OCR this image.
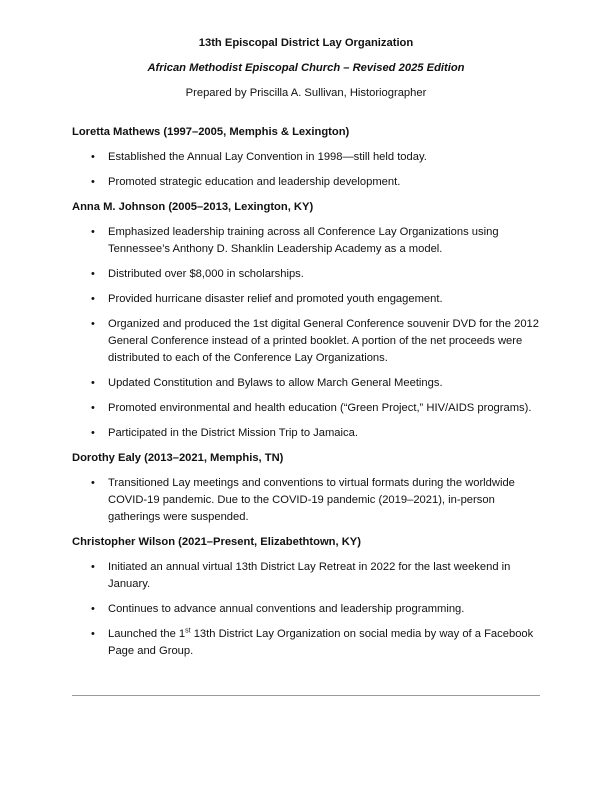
13th Episcopal District Lay Organization
African Methodist Episcopal Church – Revised 2025 Edition
Prepared by Priscilla A. Sullivan, Historiographer
Loretta Mathews (1997–2005, Memphis & Lexington)
• Established the Annual Lay Convention in 1998—still held today.
• Promoted strategic education and leadership development.
Anna M. Johnson (2005–2013, Lexington, KY)
• Emphasized leadership training across all Conference Lay Organizations using Tennessee’s Anthony D. Shanklin Leadership Academy as a model.
• Distributed over $8,000 in scholarships.
• Provided hurricane disaster relief and promoted youth engagement.
• Organized and produced the 1st digital General Conference souvenir DVD for the 2012 General Conference instead of a printed booklet. A portion of the net proceeds were distributed to each of the Conference Lay Organizations.
• Updated Constitution and Bylaws to allow March General Meetings.
• Promoted environmental and health education (“Green Project,” HIV/AIDS programs).
• Participated in the District Mission Trip to Jamaica.
Dorothy Ealy (2013–2021, Memphis, TN)
• Transitioned Lay meetings and conventions to virtual formats during the worldwide COVID-19 pandemic. Due to the COVID-19 pandemic (2019–2021), in-person gatherings were suspended.
Christopher Wilson (2021–Present, Elizabethtown, KY)
• Initiated an annual virtual 13th District Lay Retreat in 2022 for the last weekend in January.
• Continues to advance annual conventions and leadership programming.
• Launched the 1st 13th District Lay Organization on social media by way of a Facebook Page and Group.
